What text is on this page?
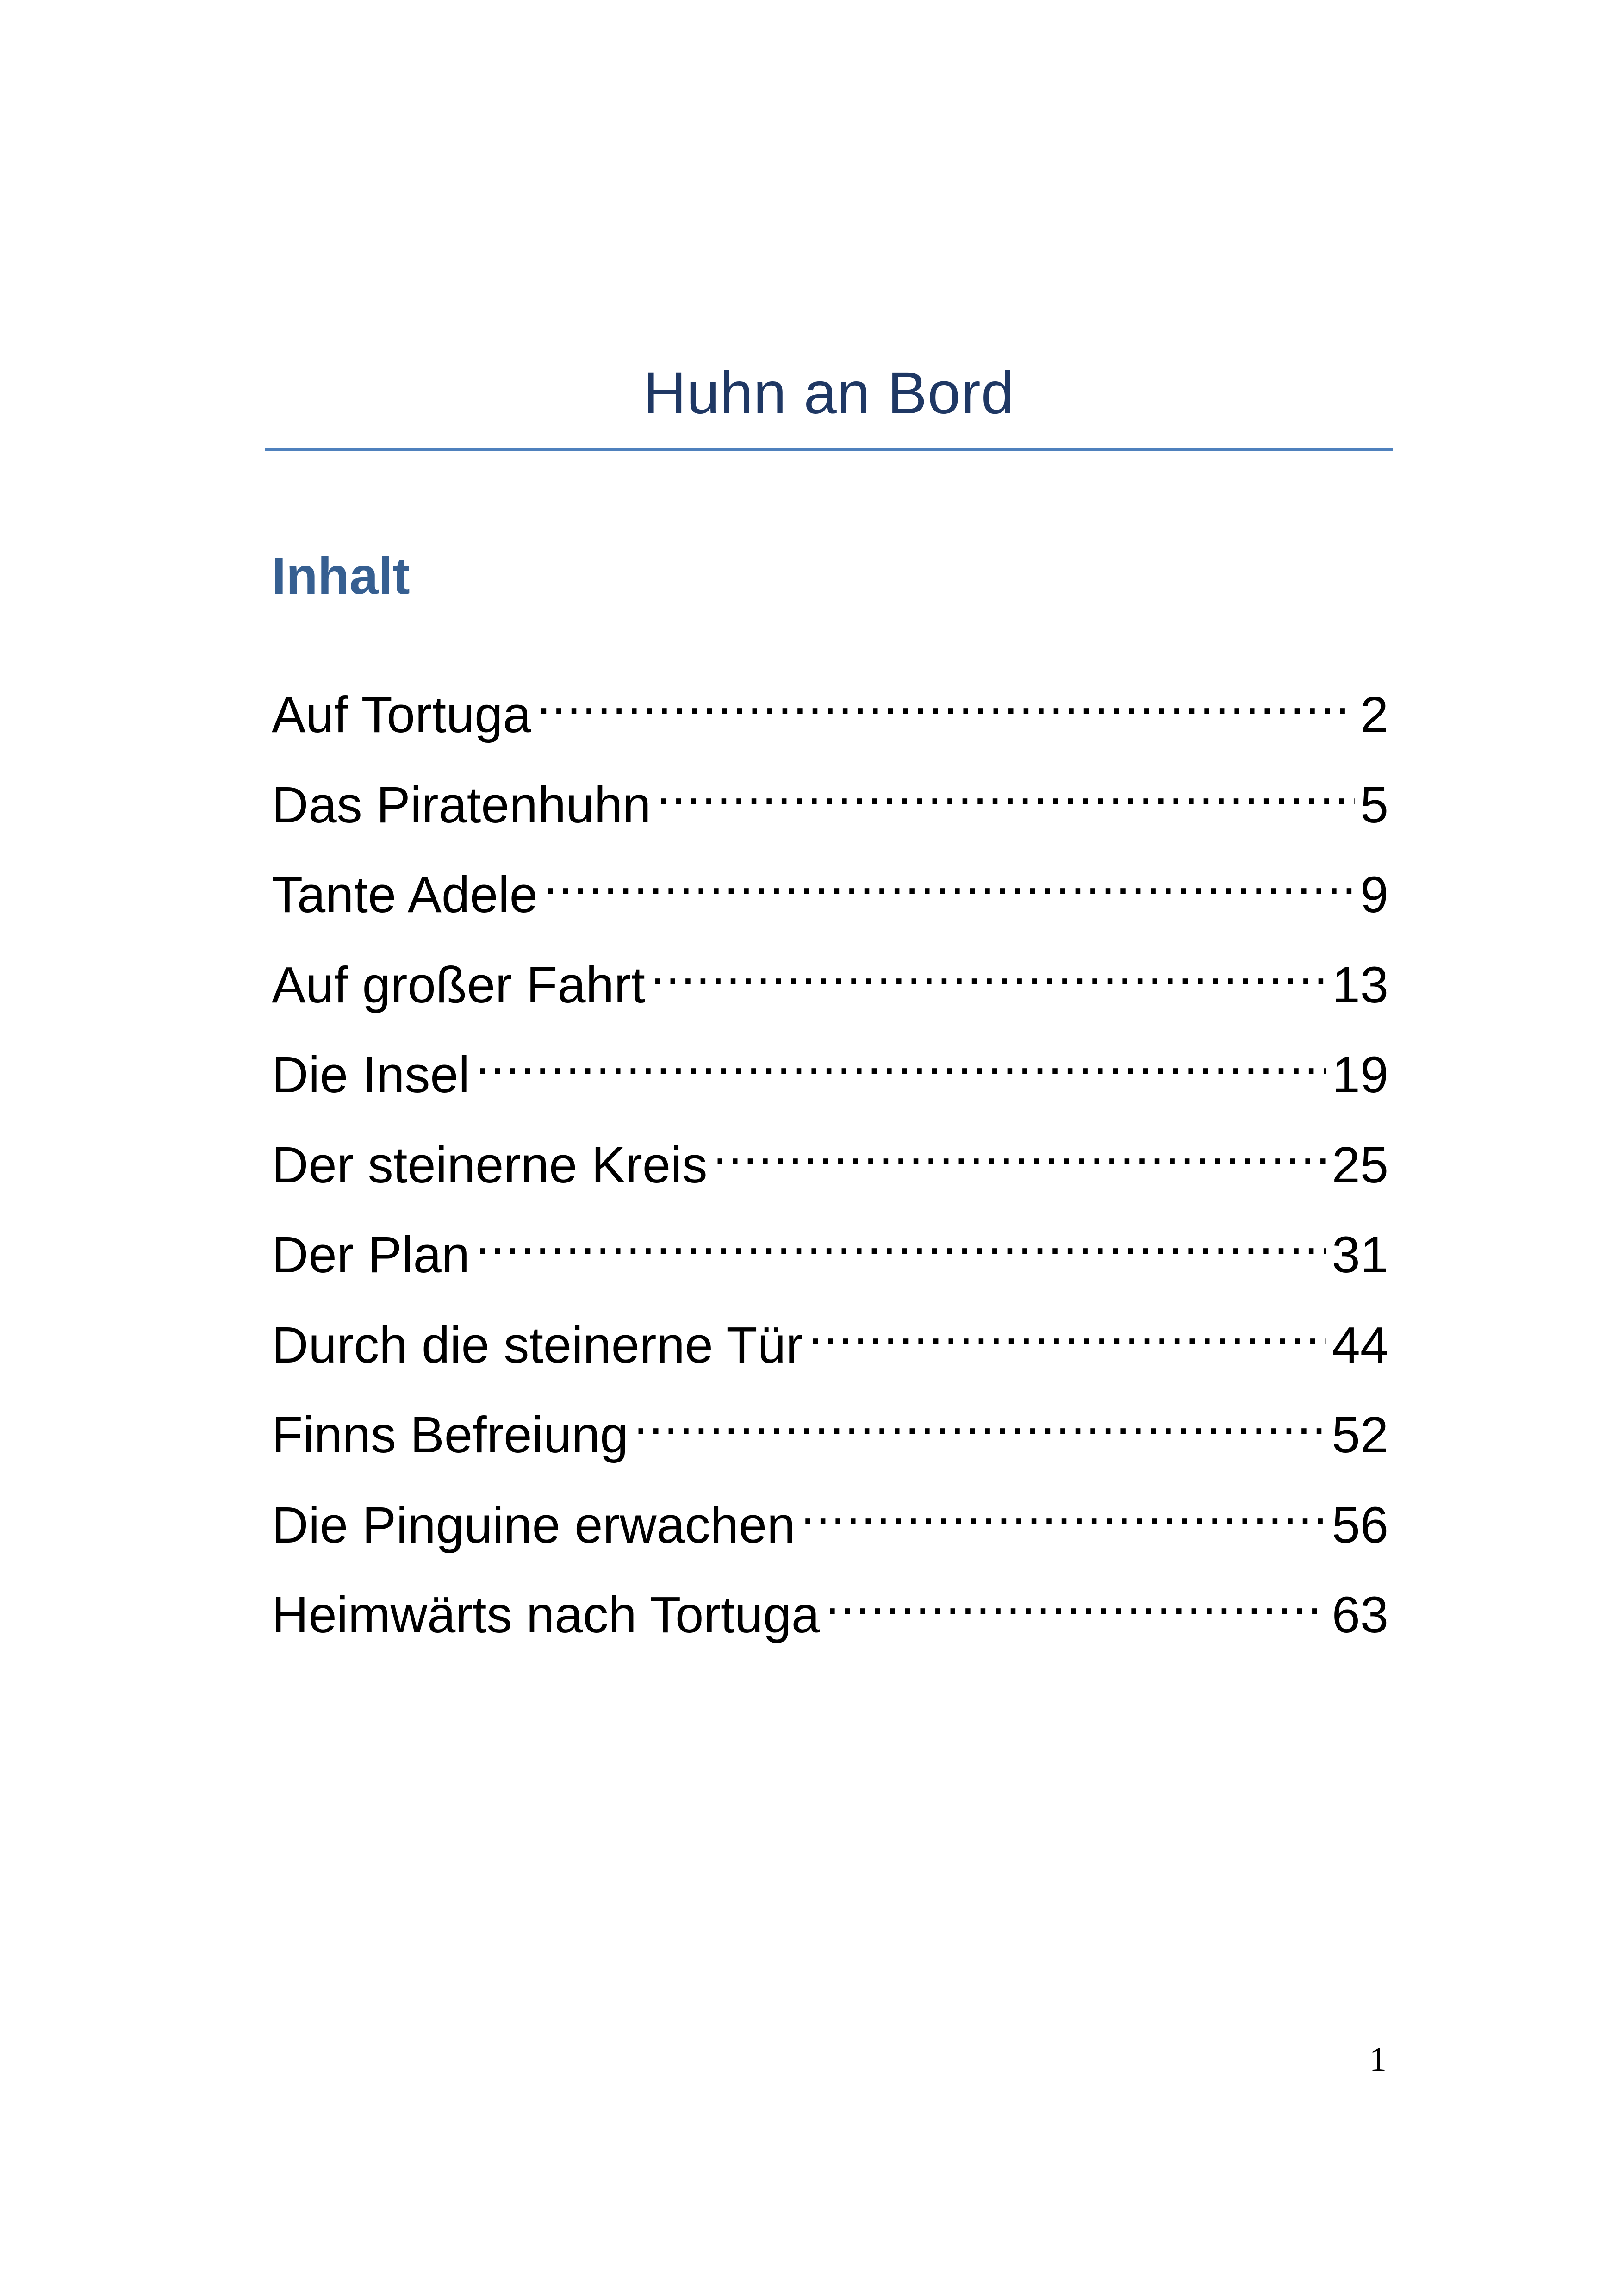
Huhn an Bord
Inhalt
Auf Tortuga .....	2
Das Piratenhuhn .....	5
Tante Adele .....	9
Auf großer Fahrt .....	13
Die Insel .....	19
Der steinerne Kreis .....	25
Der Plan .....	31
Durch die steinerne Tür .....	44
Finns Befreiung .....	52
Die Pinguine erwachen .....	56
Heimwärts nach Tortuga .....	63
1
